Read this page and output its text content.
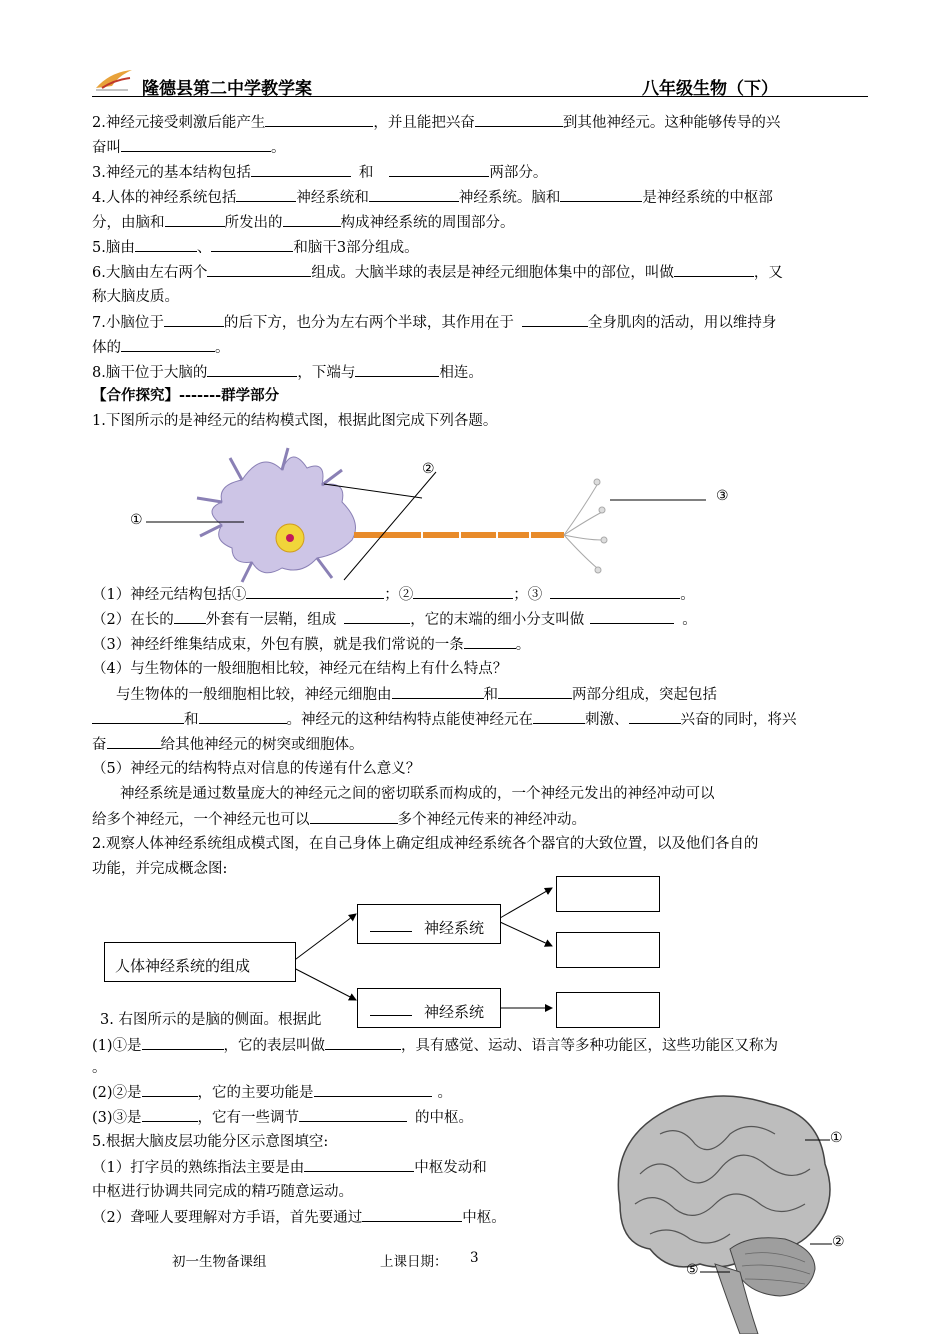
隆德县第二中学教学案	八年级生物（下）
2.神经元接受刺激后能产生	，并且能把兴奋	到其他神经元。这种能够传导的兴
奋叫	。
3.神经元的基本结构包括	和	两部分。
4.人体的神经系统包括	神经系统和	神经系统。脑和	是神经系统的中枢部
分，由脑和	所发出的	构成神经系统的周围部分。
5.脑由	、	和脑干3部分组成。
6.大脑由左右两个	组成。大脑半球的表层是神经元细胞体集中的部位，叫做	，又
称大脑皮质。
7.小脑位于	的后下方，也分为左右两个半球，其作用在于	全身肌肉的活动，用以维持身
体的	。
8.脑干位于大脑的	，下端与	相连。
【合作探究】-------群学部分
1.下图所示的是神经元的结构模式图，根据此图完成下列各题。
①
②
③
（1）神经元结构包括①	；②	；③	。
（2）在长的 外套有一层鞘，组成	，它的末端的细小分支叫做	。
（3）神经纤维集结成束，外包有膜，就是我们常说的一条	。
（4）与生物体的一般细胞相比较，神经元在结构上有什么特点？
与生物体的一般细胞相比较，神经元细胞由	和	两部分组成，突起包括
和	。神经元的这种结构特点能使神经元在	刺激、	兴奋的同时，将兴
奋	给其他神经元的树突或细胞体。
（5）神经元的结构特点对信息的传递有什么意义？
神经系统是通过数量庞大的神经元之间的密切联系而构成的，一个神经元发出的神经冲动可以
给多个神经元，一个神经元也可以	多个神经元传来的神经冲动。
2.观察人体神经系统组成模式图，在自己身体上确定组成神经系统各个器官的大致位置，以及他们各自的
功能，并完成概念图:
人体神经系统的组成
神经系统
神经系统
3. 右图所示的是脑的侧面。根据此
(1)①是	，它的表层叫做	，具有感觉、运动、语言等多种功能区，这些功能区又称为
。
(2)②是	，它的主要功能是	。
(3)③是	，它有一些调节	的中枢。
5.根据大脑皮层功能分区示意图填空:
（1）打字员的熟练指法主要是由	中枢发动和
中枢进行协调共同完成的精巧随意运动。
（2）聋哑人要理解对方手语，首先要通过	中枢。
①
②
⑤
初一生物备课组	上课日期： 3
